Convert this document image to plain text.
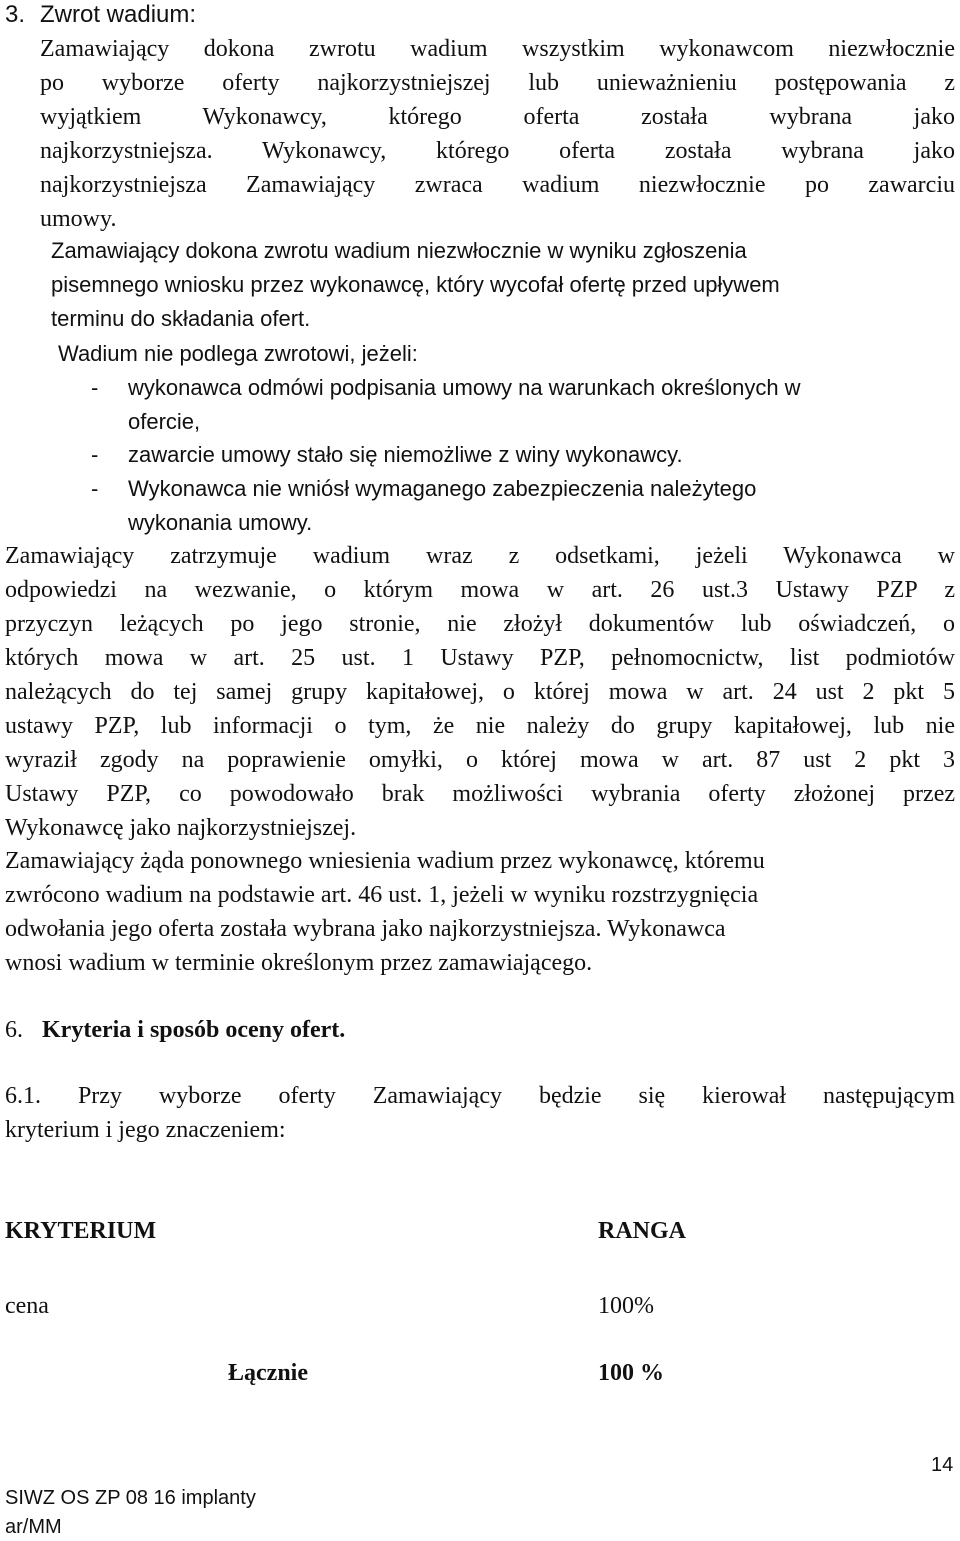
3. Zwrot wadium:
Zamawiający dokona zwrotu wadium wszystkim wykonawcom niezwłocznie
po wyborze oferty najkorzystniejszej lub unieważnieniu postępowania z
wyjątkiem Wykonawcy, którego oferta została wybrana jako
najkorzystniejsza. Wykonawcy, którego oferta została wybrana jako
najkorzystniejsza Zamawiający zwraca wadium niezwłocznie po zawarciu
umowy.
Zamawiający dokona zwrotu wadium niezwłocznie w wyniku zgłoszenia
pisemnego wniosku przez wykonawcę, który wycofał ofertę przed upływem
terminu do składania ofert.
Wadium nie podlega zwrotowi, jeżeli:
- wykonawca odmówi podpisania umowy na warunkach określonych w
ofercie,
- zawarcie umowy stało się niemożliwe z winy wykonawcy.
- Wykonawca nie wniósł wymaganego zabezpieczenia należytego
wykonania umowy.
Zamawiający zatrzymuje wadium wraz z odsetkami, jeżeli Wykonawca w
odpowiedzi na wezwanie, o którym mowa w art. 26 ust.3 Ustawy PZP z
przyczyn leżących po jego stronie, nie złożył dokumentów lub oświadczeń, o
których mowa w art. 25 ust. 1 Ustawy PZP, pełnomocnictw, list podmiotów
należących do tej samej grupy kapitałowej, o której mowa w art. 24 ust 2 pkt 5
ustawy PZP, lub informacji o tym, że nie należy do grupy kapitałowej, lub nie
wyraził zgody na poprawienie omyłki, o której mowa w art. 87 ust 2 pkt 3
Ustawy PZP, co powodowało brak możliwości wybrania oferty złożonej przez
Wykonawcę jako najkorzystniejszej.
Zamawiający żąda ponownego wniesienia wadium przez wykonawcę, któremu
zwrócono wadium na podstawie art. 46 ust. 1, jeżeli w wyniku rozstrzygnięcia
odwołania jego oferta została wybrana jako najkorzystniejsza. Wykonawca
wnosi wadium w terminie określonym przez zamawiającego.
6. Kryteria i sposób oceny ofert.
6.1. Przy wyborze oferty Zamawiający będzie się kierował następującym
kryterium i jego znaczeniem:
KRYTERIUM	RANGA
cena	100%
Łącznie	100 %
14
SIWZ OS ZP 08 16 implanty
ar/MM
